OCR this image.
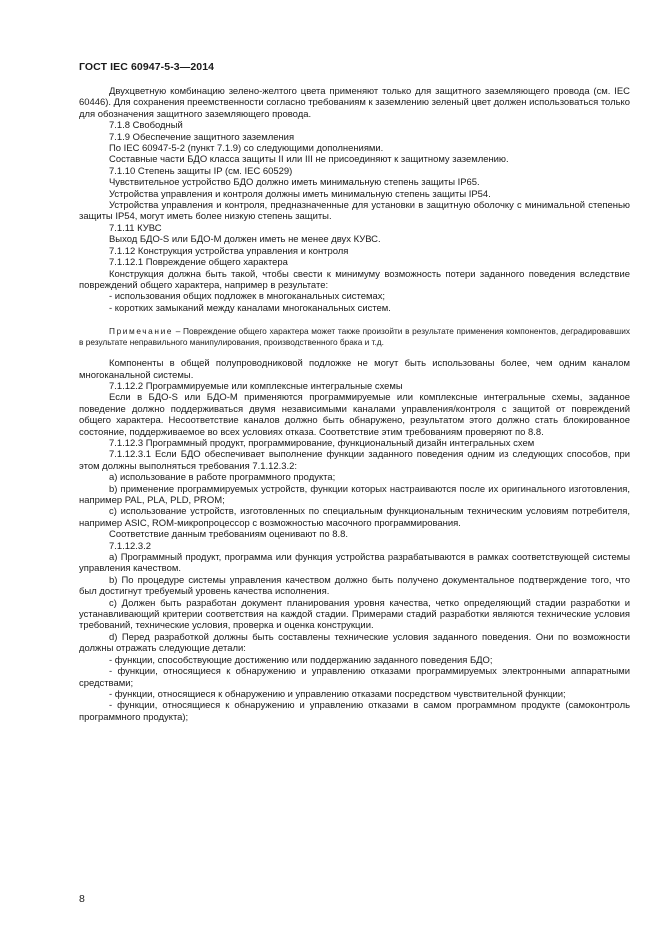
ГОСТ IEC 60947-5-3—2014

Двухцветную комбинацию зелено-желтого цвета применяют только для защитного заземляющего провода (см. IEC 60446). Для сохранения преемственности согласно требованиям к заземлению зеленый цвет должен использоваться только для обозначения защитного заземляющего провода.

7.1.8 Свободный

7.1.9 Обеспечение защитного заземления

По IEC 60947-5-2 (пункт 7.1.9) со следующими дополнениями.

Составные части БДО класса защиты II или III не присоединяют к защитному заземлению.

7.1.10 Степень защиты IP (см. IEC 60529)

Чувствительное устройство БДО должно иметь минимальную степень защиты IP65.

Устройства управления и контроля должны иметь минимальную степень защиты IP54.

Устройства управления и контроля, предназначенные для установки в защитную оболочку с минимальной степенью защиты IP54, могут иметь более низкую степень защиты.

7.1.11 КУВС

Выход БДО-S или БДО-M должен иметь не менее двух КУВС.

7.1.12 Конструкция устройства управления и контроля

7.1.12.1 Повреждение общего характера

Конструкция должна быть такой, чтобы свести к минимуму возможность потери заданного поведения вследствие повреждений общего характера, например в результате:

- использования общих подложек в многоканальных системах;

- коротких замыканий между каналами многоканальных систем.

Примечание – Повреждение общего характера может также произойти в результате применения компонентов, деградировавших в результате неправильного манипулирования, производственного брака и т.д.

Компоненты в общей полупроводниковой подложке не могут быть использованы более, чем одним каналом многоканальной системы.

7.1.12.2 Программируемые или комплексные интегральные схемы

Если в БДО-S или БДО-M применяются программируемые или комплексные интегральные схемы, заданное поведение должно поддерживаться двумя независимыми каналами управления/контроля с защитой от повреждений общего характера. Несоответствие каналов должно быть обнаружено, результатом этого должно стать блокированное состояние, поддерживаемое во всех условиях отказа. Соответствие этим требованиям проверяют по 8.8.

7.1.12.3 Программный продукт, программирование, функциональный дизайн интегральных схем

7.1.12.3.1 Если БДО обеспечивает выполнение функции заданного поведения одним из следующих способов, при этом должны выполняться требования 7.1.12.3.2:

a) использование в работе программного продукта;

b) применение программируемых устройств, функции которых настраиваются после их оригинального изготовления, например PAL, PLA, PLD, PROM;

c) использование устройств, изготовленных по специальным функциональным техническим условиям потребителя, например ASIC, ROM-микропроцессор с возможностью масочного программирования.

Соответствие данным требованиям оценивают по 8.8.

7.1.12.3.2

a) Программный продукт, программа или функция устройства разрабатываются в рамках соответствующей системы управления качеством.

b) По процедуре системы управления качеством должно быть получено документальное подтверждение того, что был достигнут требуемый уровень качества исполнения.

c) Должен быть разработан документ планирования уровня качества, четко определяющий стадии разработки и устанавливающий критерии соответствия на каждой стадии. Примерами стадий разработки являются технические условия требований, технические условия, проверка и оценка конструкции.

d) Перед разработкой должны быть составлены технические условия заданного поведения. Они по возможности должны отражать следующие детали:

- функции, способствующие достижению или поддержанию заданного поведения БДО;

- функции, относящиеся к обнаружению и управлению отказами программируемых электронными аппаратными средствами;

- функции, относящиеся к обнаружению и управлению отказами посредством чувствительной функции;

- функции, относящиеся к обнаружению и управлению отказами в самом программном продукте (самоконтроль программного продукта);

8
